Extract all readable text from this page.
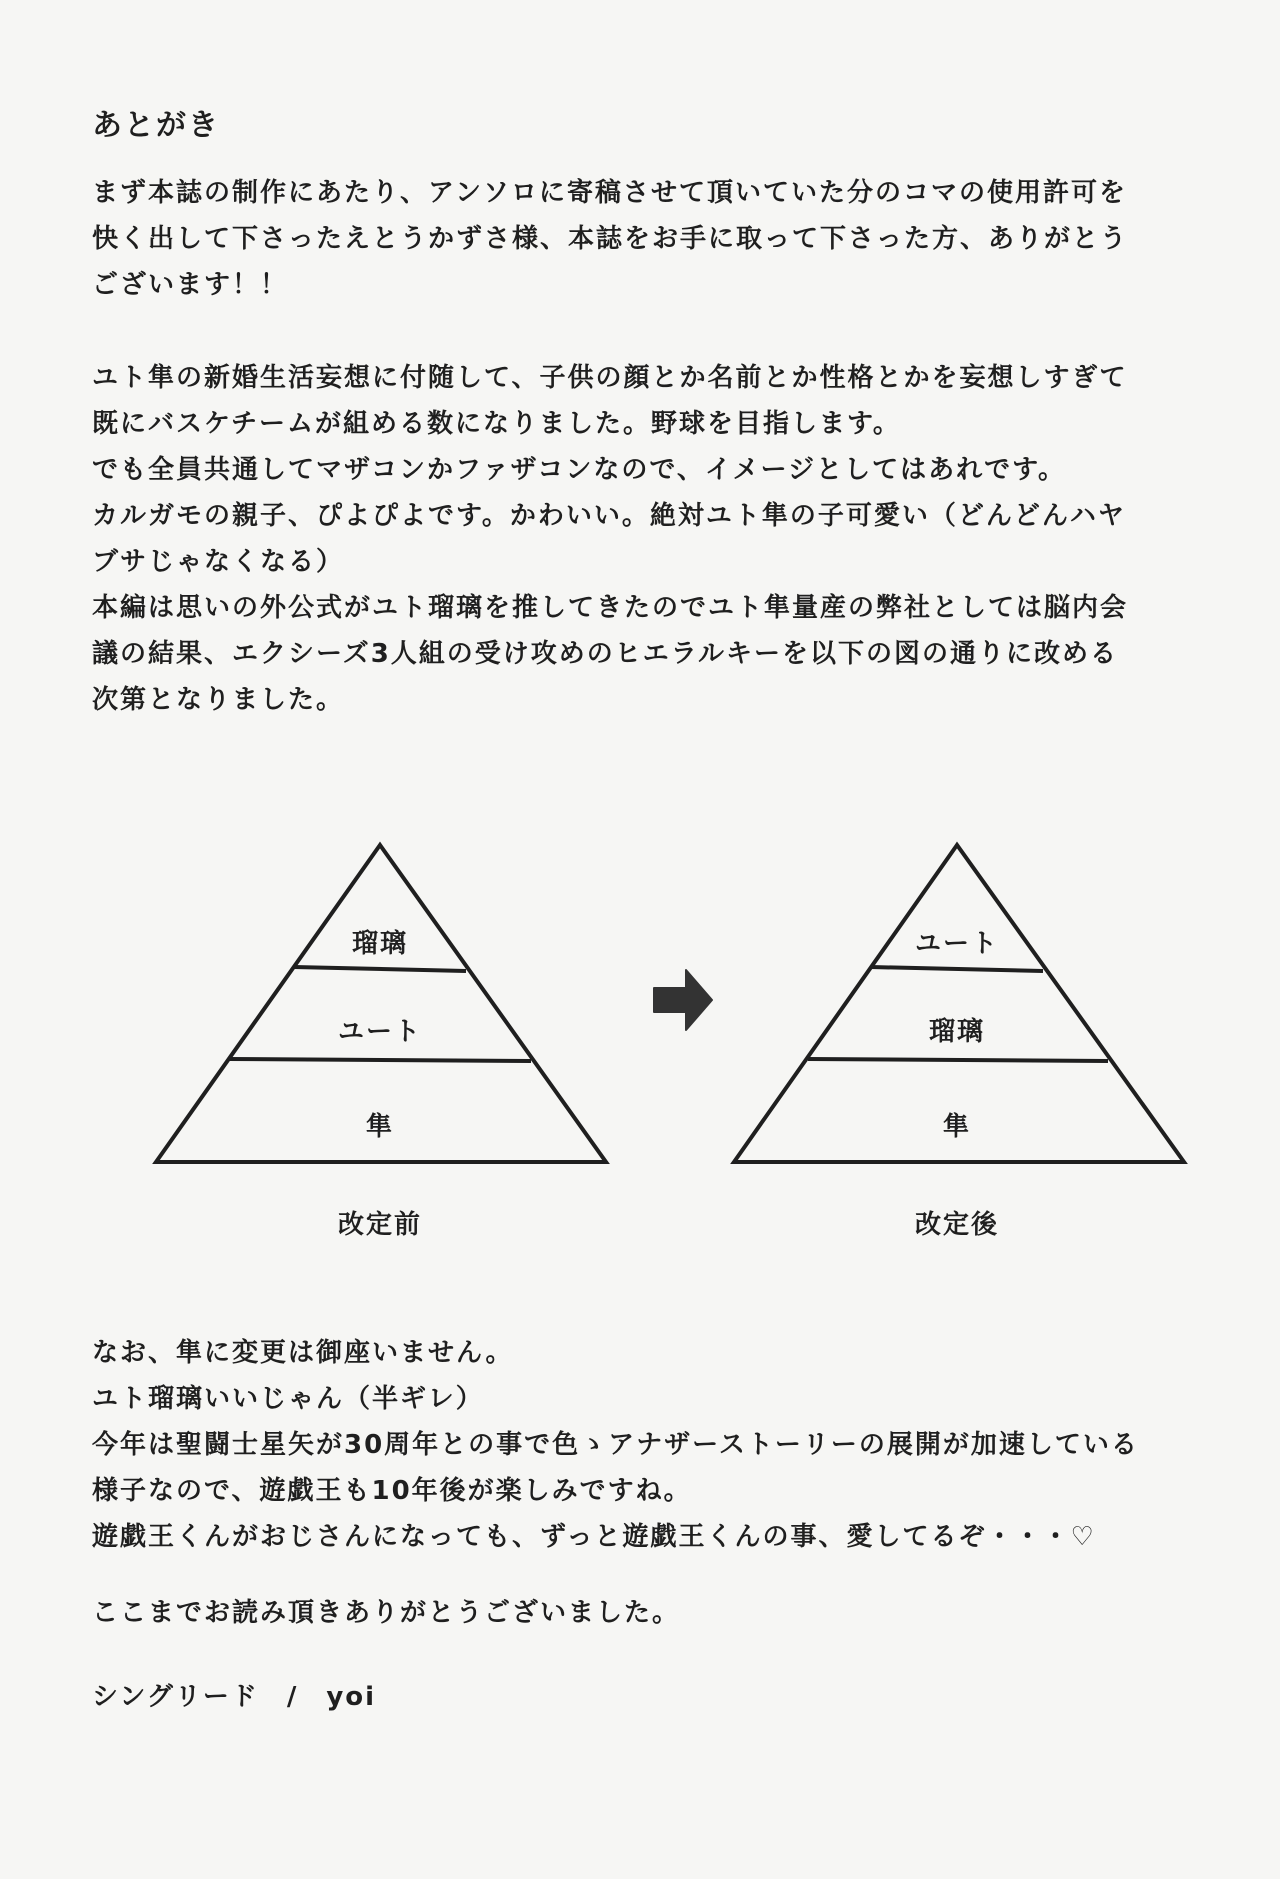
あとがき

まず本誌の制作にあたり、アンソロに寄稿させて頂いていた分のコマの使用許可を

快く出して下さったえとうかずさ様、本誌をお手に取って下さった方、ありがとう

ございます！！

ユト隼の新婚生活妄想に付随して、子供の顔とか名前とか性格とかを妄想しすぎて

既にバスケチームが組める数になりました。野球を目指します。

でも全員共通してマザコンかファザコンなので、イメージとしてはあれです。

カルガモの親子、ぴよぴよです。かわいい。絶対ユト隼の子可愛い（どんどんハヤ

ブサじゃなくなる）

本編は思いの外公式がユト瑠璃を推してきたのでユト隼量産の弊社としては脳内会

議の結果、エクシーズ3人組の受け攻めのヒエラルキーを以下の図の通りに改める

次第となりました。

瑠璃
ユート
隼
改定前
ユート
瑠璃
隼
改定後

なお、隼に変更は御座いません。

ユト瑠璃いいじゃん（半ギレ）

今年は聖闘士星矢が30周年との事で色ゝアナザーストーリーの展開が加速している

様子なので、遊戯王も10年後が楽しみですね。

遊戯王くんがおじさんになっても、ずっと遊戯王くんの事、愛してるぞ・・・♡

ここまでお読み頂きありがとうございました。

シングリード　/　yoi
